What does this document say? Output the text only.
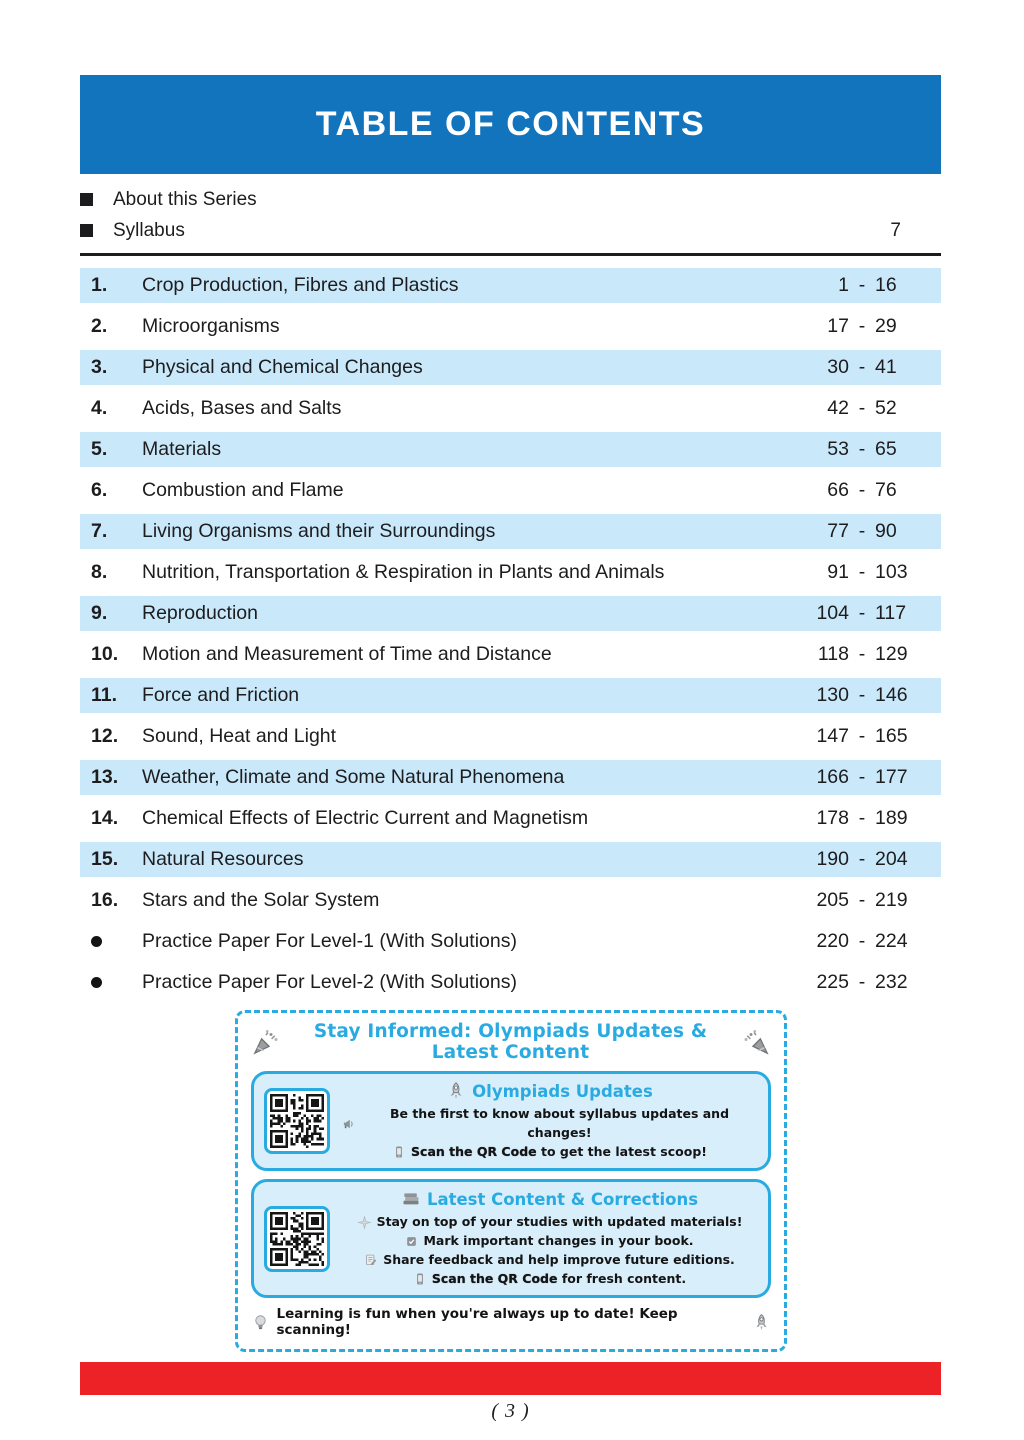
TABLE OF CONTENTS
About this Series
Syllabus	7
1.	Crop Production, Fibres and Plastics	1 - 16
2.	Microorganisms	17 - 29
3.	Physical and Chemical Changes	30 - 41
4.	Acids, Bases and Salts	42 - 52
5.	Materials	53 - 65
6.	Combustion and Flame	66 - 76
7.	Living Organisms and their Surroundings	77 - 90
8.	Nutrition, Transportation & Respiration in Plants and Animals	91 - 103
9.	Reproduction	104 - 117
10.	Motion and Measurement of Time and Distance	118 - 129
11.	Force and Friction	130 - 146
12.	Sound, Heat and Light	147 - 165
13.	Weather, Climate and Some Natural Phenomena	166 - 177
14.	Chemical Effects of Electric Current and Magnetism	178 - 189
15.	Natural Resources	190 - 204
16.	Stars and the Solar System	205 - 219
Practice Paper For Level-1 (With Solutions)	220 - 224
Practice Paper For Level-2 (With Solutions)	225 - 232
Stay Informed: Olympiads Updates & Latest Content
Olympiads Updates
Be the first to know about syllabus updates and changes!
Scan the QR Code to get the latest scoop!
Latest Content & Corrections
Stay on top of your studies with updated materials!
Mark important changes in your book.
Share feedback and help improve future editions.
Scan the QR Code for fresh content.
Learning is fun when you're always up to date! Keep scanning!
( 3 )
